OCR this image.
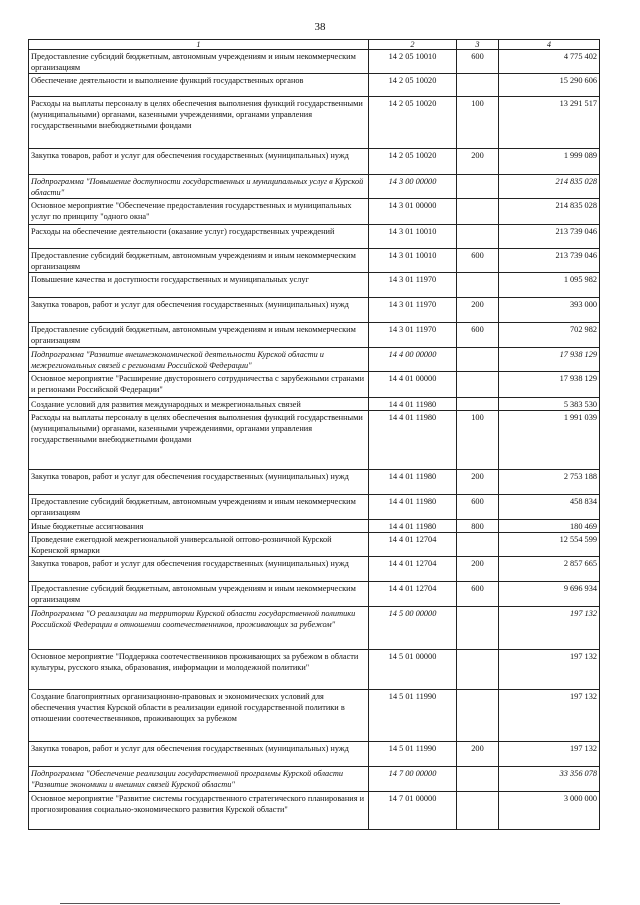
38
1	2	3	4
Предоставление субсидий бюджетным, автономным учреждениям и иным некоммерческим организациям	14 2 05 10010	600	4 775 402
Обеспечение деятельности и выполнение функций государственных органов	14 2 05 10020		15 290 606
Расходы на выплаты персоналу в целях обеспечения выполнения функций государственными (муниципальными) органами, казенными учреждениями, органами управления государственными внебюджетными фондами	14 2 05 10020	100	13 291 517
Закупка товаров, работ и услуг для обеспечения государственных (муниципальных) нужд	14 2 05 10020	200	1 999 089
Подпрограмма "Повышение доступности государственных и муниципальных услуг в Курской области"	14 3 00 00000		214 835 028
Основное мероприятие "Обеспечение предоставления государственных и муниципальных услуг по принципу "одного окна"	14 3 01 00000		214 835 028
Расходы на обеспечение деятельности (оказание услуг) государственных учреждений	14 3 01 10010		213 739 046
Предоставление субсидий бюджетным, автономным учреждениям и иным некоммерческим организациям	14 3 01 10010	600	213 739 046
Повышение качества и доступности государственных и муниципальных услуг	14 3 01 11970		1 095 982
Закупка товаров, работ и услуг для обеспечения государственных (муниципальных) нужд	14 3 01 11970	200	393 000
Предоставление субсидий бюджетным, автономным учреждениям и иным некоммерческим организациям	14 3 01 11970	600	702 982
Подпрограмма "Развитие внешнеэкономической деятельности Курской области и межрегиональных связей с регионами Российской Федерации"	14 4 00 00000		17 938 129
Основное мероприятие "Расширение двустороннего сотрудничества с зарубежными странами и регионами Российской Федерации"	14 4 01 00000		17 938 129
Создание условий для развития международных и межрегиональных связей	14 4 01 11980		5 383 530
Расходы на выплаты персоналу в целях обеспечения выполнения функций государственными (муниципальными) органами, казенными учреждениями, органами управления государственными внебюджетными фондами	14 4 01 11980	100	1 991 039
Закупка товаров, работ и услуг для обеспечения государственных (муниципальных) нужд	14 4 01 11980	200	2 753 188
Предоставление субсидий бюджетным, автономным учреждениям и иным некоммерческим организациям	14 4 01 11980	600	458 834
Иные бюджетные ассигнования	14 4 01 11980	800	180 469
Проведение ежегодной межрегиональной универсальной оптово-розничной Курской Коренской ярмарки	14 4 01 12704		12 554 599
Закупка товаров, работ и услуг для обеспечения государственных (муниципальных) нужд	14 4 01 12704	200	2 857 665
Предоставление субсидий бюджетным, автономным учреждениям и иным некоммерческим организациям	14 4 01 12704	600	9 696 934
Подпрограмма "О реализации на территории Курской области государственной политики Российской Федерации в отношении соотечественников, проживающих за рубежом"	14 5 00 00000		197 132
Основное мероприятие "Поддержка соотечественников проживающих за рубежом в области культуры, русского языка, образования, информации и молодежной политики"	14 5 01 00000		197 132
Создание благоприятных организационно-правовых и экономических условий для обеспечения участия Курской области в реализации единой государственной политики в отношении соотечественников, проживающих за рубежом	14 5 01 11990		197 132
Закупка товаров, работ и услуг для обеспечения государственных (муниципальных) нужд	14 5 01 11990	200	197 132
Подпрограмма "Обеспечение реализации государственной программы Курской области "Развитие экономики и внешних связей Курской области"	14 7 00 00000		33 356 078
Основное мероприятие "Развитие системы государственного стратегического планирования и прогнозирования социально-экономического развития Курской области"	14 7 01 00000		3 000 000
